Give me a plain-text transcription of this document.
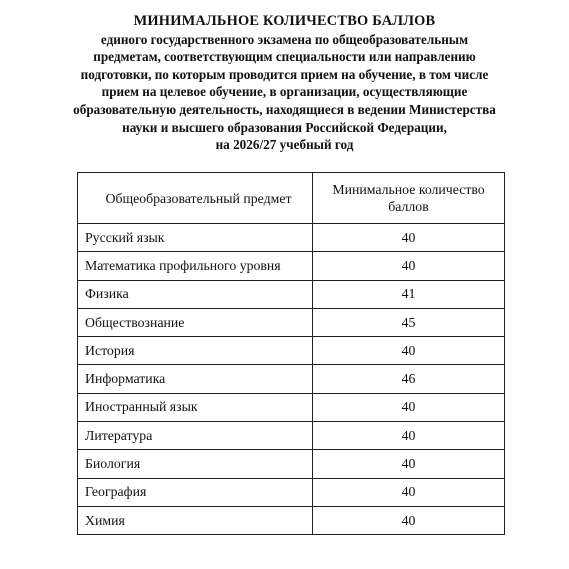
МИНИМАЛЬНОЕ КОЛИЧЕСТВО БАЛЛОВ
единого государственного экзамена по общеобразовательным
предметам, соответствующим специальности или направлению
подготовки, по которым проводится прием на обучение, в том числе
прием на целевое обучение, в организации, осуществляющие
образовательную деятельность, находящиеся в ведении Министерства
науки и высшего образования Российской Федерации,
на 2026/27 учебный год
Общеобразовательный предмет	Минимальное количество баллов
Русский язык	40
Математика профильного уровня	40
Физика	41
Обществознание	45
История	40
Информатика	46
Иностранный язык	40
Литература	40
Биология	40
География	40
Химия	40
